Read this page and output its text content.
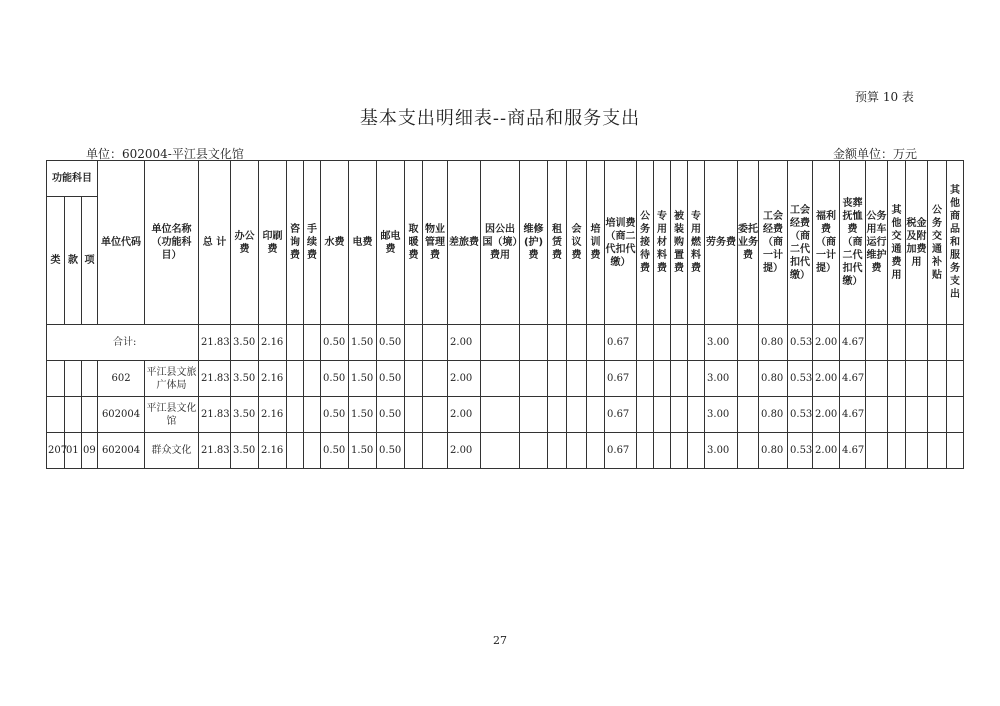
预算 10 表
基本支出明细表--商品和服务支出
单位：602004-平江县文化馆	金额单位：万元
功能科目			单位代码	单位名称（功能科目）	总 计	办公费	印刷费	咨询费	手续费	水费	电费	邮电费	取暖费	物业管理费	差旅费	因公出国（境）费用	维修(护)费	租赁费	会议费	培训费	培训费（商二代扣代缴）	公务接待费	专用材料费	被装购置费	专用燃料费	劳务费	委托业务费	工会经费（商一计提）	工会经费（商二代扣代缴）	福利费（商一计提）	丧葬抚恤费（商二代扣代缴）	公务用车运行维护费	其他交通费用	税金及附加费用	公务交通补贴	其他商品和服务支出
类	款	项																																		
合计:					21.83	3.50	2.16			0.50	1.50	0.50			2.00						0.67					3.00		0.80	0.53	2.00	4.67					
			602	平江县文旅广体局	21.83	3.50	2.16			0.50	1.50	0.50			2.00						0.67					3.00		0.80	0.53	2.00	4.67					
			602004	平江县文化馆	21.83	3.50	2.16			0.50	1.50	0.50			2.00						0.67					3.00		0.80	0.53	2.00	4.67					
207	01	09	602004	群众文化	21.83	3.50	2.16			0.50	1.50	0.50			2.00						0.67					3.00		0.80	0.53	2.00	4.67					
27
